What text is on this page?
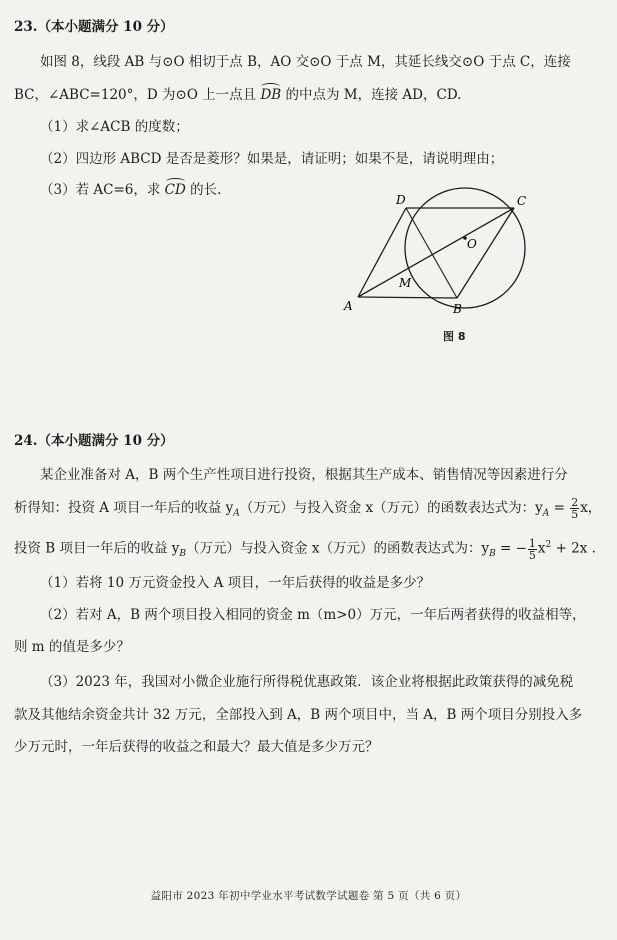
23.（本小题满分 10 分）
如图 8，线段 AB 与⊙O 相切于点 B，AO 交⊙O 于点 M，其延长线交⊙O 于点 C，连接
BC，∠ABC=120°，D 为⊙O 上一点且 DB 的中点为 M，连接 AD，CD.
（1）求∠ACB 的度数；
（2）四边形 ABCD 是否是菱形？如果是，请证明；如果不是，请说明理由；
（3）若 AC=6，求 CD 的长.
D	C
O
M
A	B
图 8
24.（本小题满分 10 分）
某企业准备对 A，B 两个生产性项目进行投资，根据其生产成本、销售情况等因素进行分
析得知：投资 A 项目一年后的收益 $y_A$（万元）与投入资金 x（万元）的函数表达式为：$y_A = \frac{2}{5}$ x，
投资 B 项目一年后的收益 $y_B$（万元）与投入资金 x（万元）的函数表达式为：$y_B$ = − $\frac{1}{5} x^2 + 2x$ .
（1）若将 10 万元资金投入 A 项目，一年后获得的收益是多少？
（2）若对 A，B 两个项目投入相同的资金 m（m>0）万元，一年后两者获得的收益相等，
则 m 的值是多少？
（3）2023 年，我国对小微企业施行所得税优惠政策．该企业将根据此政策获得的减免税
款及其他结余资金共计 32 万元，全部投入到 A，B 两个项目中，当 A，B 两个项目分别投入多
少万元时，一年后获得的收益之和最大？最大值是多少万元？
益阳市 2023 年初中学业水平考试数学试题卷 第 5 页（共 6 页）
